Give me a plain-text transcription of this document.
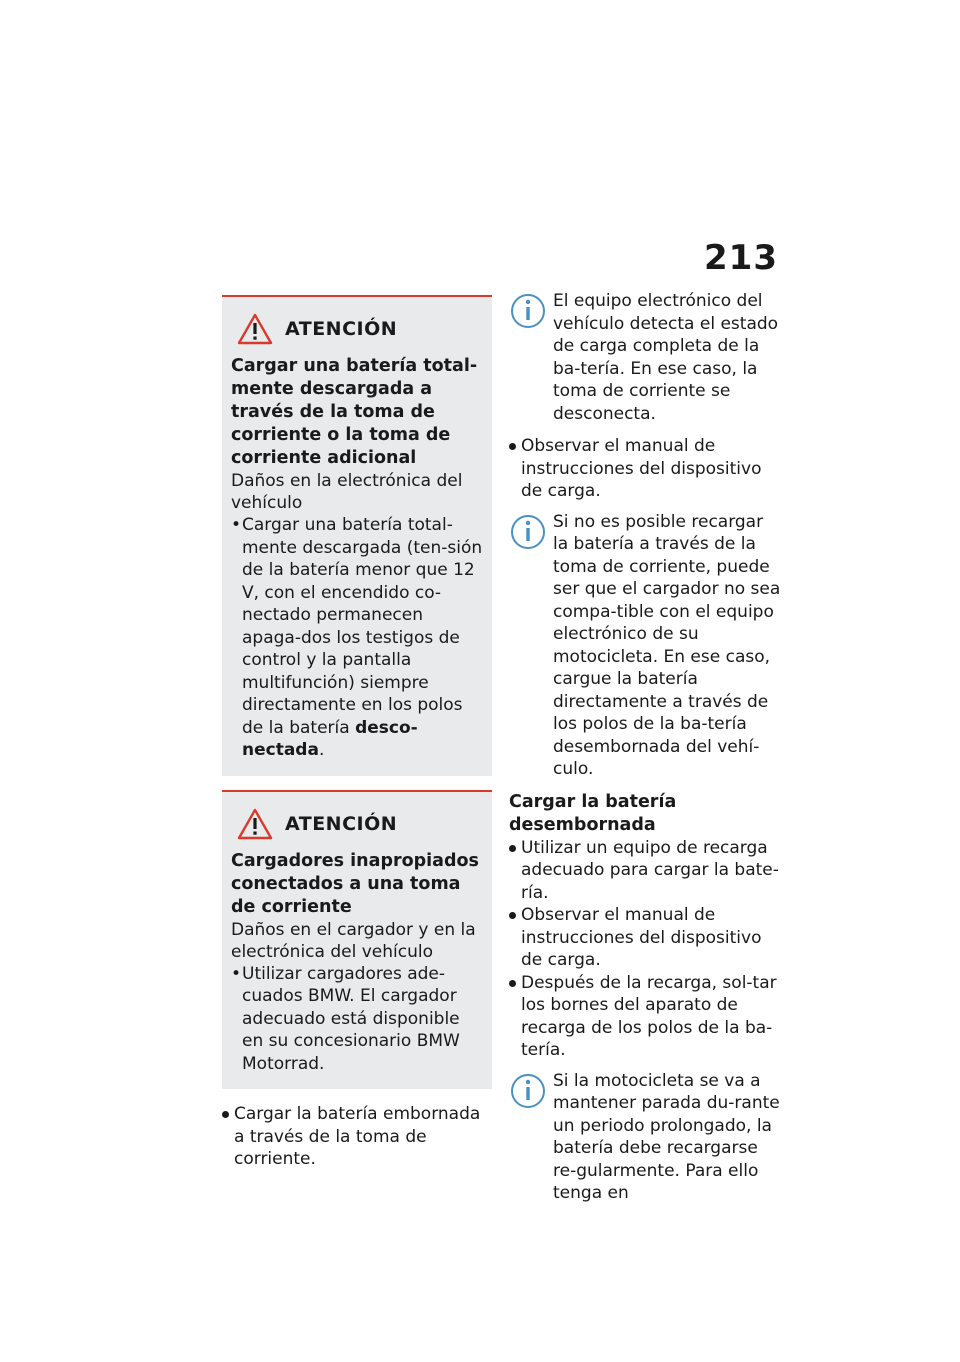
213
ATENCIÓN
Cargar una batería total-mente descargada a través de la toma de corriente o la toma de corriente adicional
Daños en la electrónica del vehículo
• Cargar una batería total-mente descargada (ten-sión de la batería menor que 12 V, con el encendido co-nectado permanecen apaga-dos los testigos de control y la pantalla multifunción) siempre directamente en los polos de la batería desco-nectada.
ATENCIÓN
Cargadores inapropiados conectados a una toma de corriente
Daños en el cargador y en la electrónica del vehículo
• Utilizar cargadores ade-cuados BMW. El cargador adecuado está disponible en su concesionario BMW Motorrad.
Cargar la batería embornada a través de la toma de corriente.
El equipo electrónico del vehículo detecta el estado de carga completa de la ba-tería. En ese caso, la toma de corriente se desconecta.
Observar el manual de instrucciones del dispositivo de carga.
Si no es posible recargar la batería a través de la toma de corriente, puede ser que el cargador no sea compa-tible con el equipo electrónico de su motocicleta. En ese caso, cargue la batería directamente a través de los polos de la ba-tería desembornada del vehí-culo.
Cargar la batería desembornada
Utilizar un equipo de recarga adecuado para cargar la bate-ría.
Observar el manual de instrucciones del dispositivo de carga.
Después de la recarga, sol-tar los bornes del aparato de recarga de los polos de la ba-tería.
Si la motocicleta se va a mantener parada du-rante un periodo prolongado, la batería debe recargarse re-gularmente. Para ello tenga en
